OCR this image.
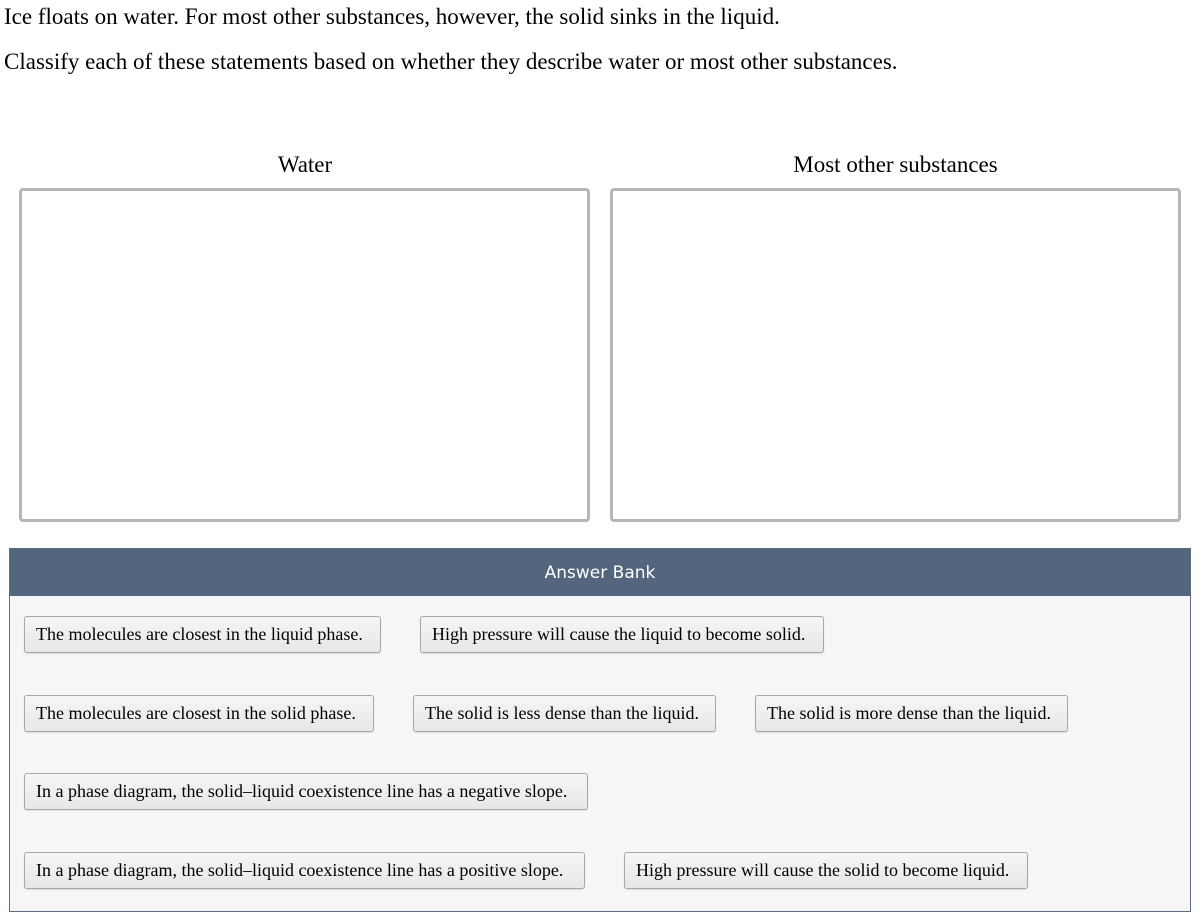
Ice floats on water. For most other substances, however, the solid sinks in the liquid.

Classify each of these statements based on whether they describe water or most other substances.

Water	Most other substances
Answer Bank
The molecules are closest in the liquid phase.	High pressure will cause the liquid to become solid.
The molecules are closest in the solid phase.	The solid is less dense than the liquid.	The solid is more dense than the liquid.
In a phase diagram, the solid–liquid coexistence line has a negative slope.
In a phase diagram, the solid–liquid coexistence line has a positive slope.	High pressure will cause the solid to become liquid.
